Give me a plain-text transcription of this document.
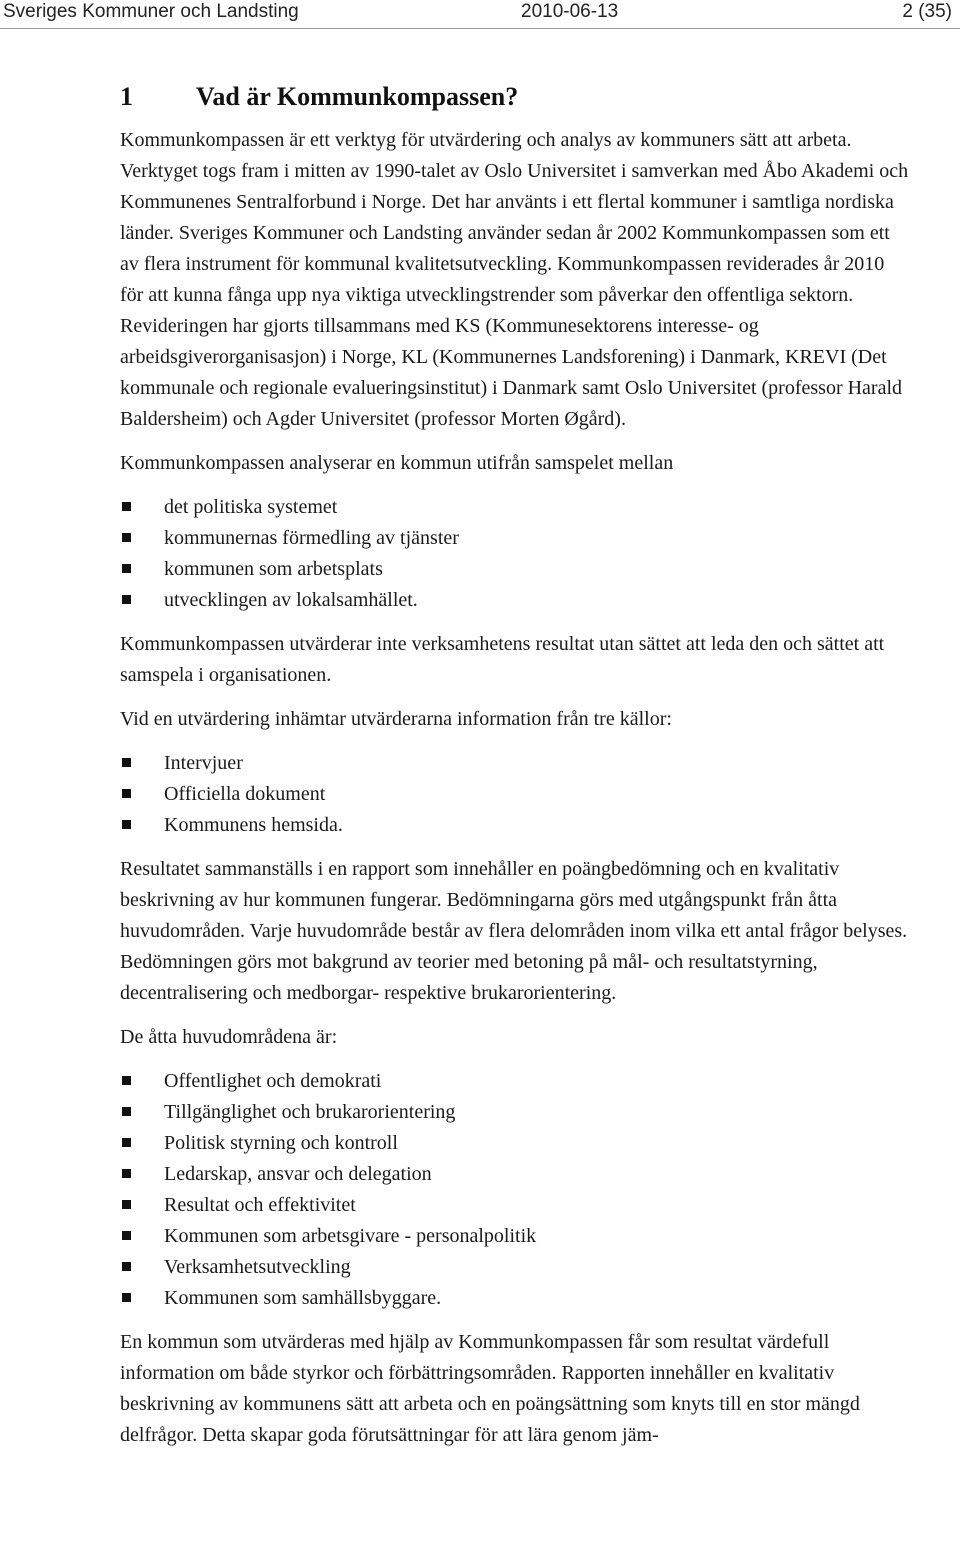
Sveriges Kommuner och Landsting	2010-06-13	2 (35)
1 Vad är Kommunkompassen?

Kommunkompassen är ett verktyg för utvärdering och analys av kommuners sätt att arbeta. Verktyget togs fram i mitten av 1990-talet av Oslo Universitet i samverkan med Åbo Akademi och Kommunenes Sentralforbund i Norge. Det har använts i ett flertal kommuner i samtliga nordiska länder. Sveriges Kommuner och Landsting använder sedan år 2002 Kommunkompassen som ett av flera instrument för kommunal kvalitetsutveckling. Kommunkompassen reviderades år 2010 för att kunna fånga upp nya viktiga utvecklingstrender som påverkar den offentliga sektorn. Revideringen har gjorts tillsammans med KS (Kommunesektorens interesse- og arbeidsgiverorganisasjon) i Norge, KL (Kommunernes Landsforening) i Danmark, KREVI (Det kommunale och regionale evalueringsinstitut) i Danmark samt Oslo Universitet (professor Harald Baldersheim) och Agder Universitet (professor Morten Øgård).

Kommunkompassen analyserar en kommun utifrån samspelet mellan

det politiska systemet
kommunernas förmedling av tjänster
kommunen som arbetsplats
utvecklingen av lokalsamhället.

Kommunkompassen utvärderar inte verksamhetens resultat utan sättet att leda den och sättet att samspela i organisationen.

Vid en utvärdering inhämtar utvärderarna information från tre källor:

Intervjuer
Officiella dokument
Kommunens hemsida.

Resultatet sammanställs i en rapport som innehåller en poängbedömning och en kvalitativ beskrivning av hur kommunen fungerar. Bedömningarna görs med utgångspunkt från åtta huvudområden. Varje huvudområde består av flera delområden inom vilka ett antal frågor belyses. Bedömningen görs mot bakgrund av teorier med betoning på mål- och resultatstyrning, decentralisering och medborgar- respektive brukarorientering.

De åtta huvudområdena är:

Offentlighet och demokrati
Tillgänglighet och brukarorientering
Politisk styrning och kontroll
Ledarskap, ansvar och delegation
Resultat och effektivitet
Kommunen som arbetsgivare - personalpolitik
Verksamhetsutveckling
Kommunen som samhällsbyggare.

En kommun som utvärderas med hjälp av Kommunkompassen får som resultat värdefull information om både styrkor och förbättringsområden. Rapporten innehåller en kvalitativ beskrivning av kommunens sätt att arbeta och en poängsättning som knyts till en stor mängd delfrågor. Detta skapar goda förutsättningar för att lära genom jäm-
